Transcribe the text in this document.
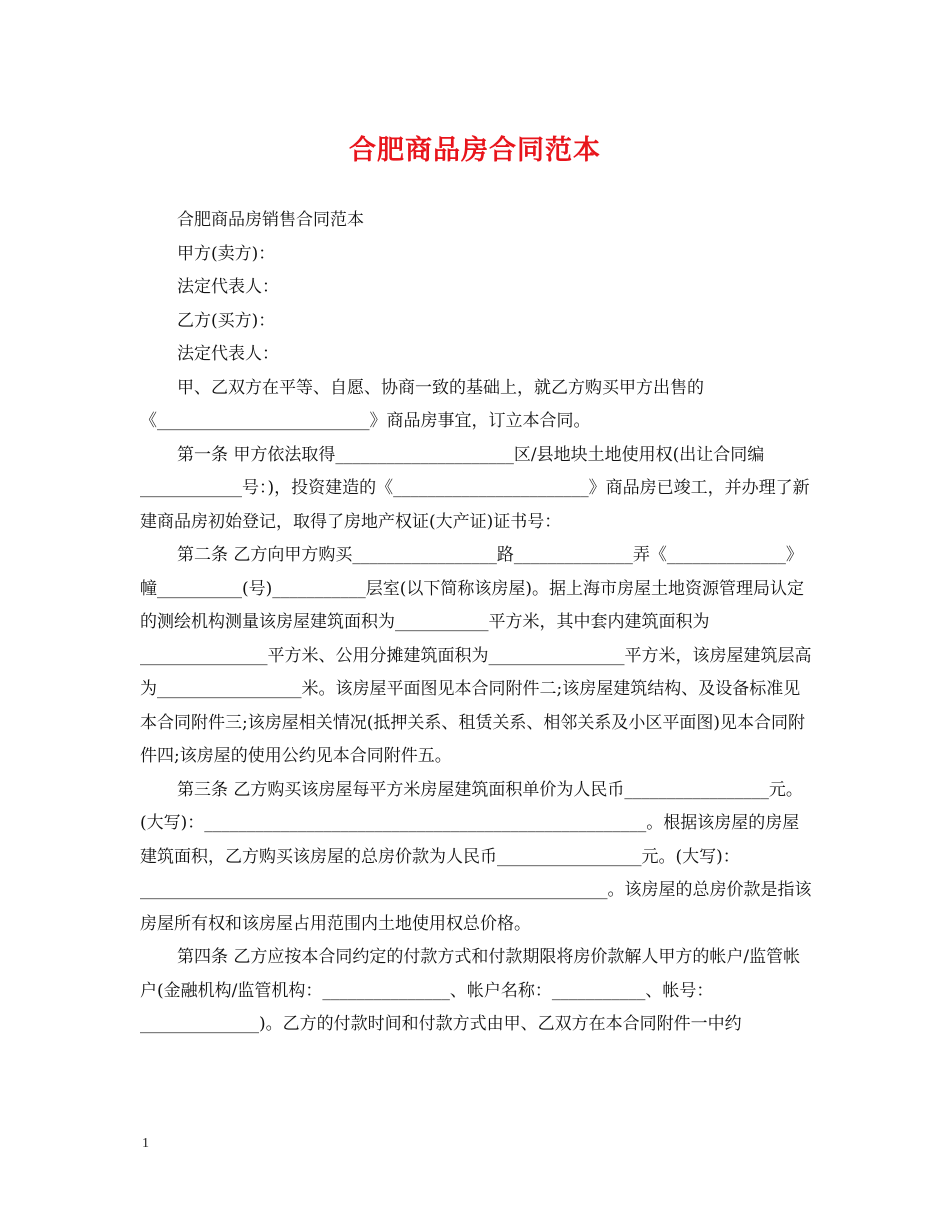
合肥商品房合同范本

合肥商品房销售合同范本

甲方(卖方)：

法定代表人：

乙方(买方)：

法定代表人：

甲、乙双方在平等、自愿、协商一致的基础上，就乙方购买甲方出售的《_________________________》商品房事宜，订立本合同。

第一条 甲方依法取得_____________________区/县地块土地使用权(出让合同编____________号：)，投资建造的《_______________________》商品房已竣工，并办理了新建商品房初始登记，取得了房地产权证(大产证)证书号：

第二条 乙方向甲方购买_________________路______________弄《______________》幢__________(号)___________层室(以下简称该房屋)。据上海市房屋土地资源管理局认定的测绘机构测量该房屋建筑面积为___________平方米，其中套内建筑面积为_______________平方米、公用分摊建筑面积为________________平方米，该房屋建筑层高为_________________米。该房屋平面图见本合同附件二;该房屋建筑结构、及设备标准见本合同附件三;该房屋相关情况(抵押关系、租赁关系、相邻关系及小区平面图)见本合同附件四;该房屋的使用公约见本合同附件五。

第三条 乙方购买该房屋每平方米房屋建筑面积单价为人民币_________________元。(大写)：____________________________________________________。根据该房屋的房屋建筑面积，乙方购买该房屋的总房价款为人民币_________________元。(大写)：_______________________________________________________。该房屋的总房价款是指该房屋所有权和该房屋占用范围内土地使用权总价格。

第四条 乙方应按本合同约定的付款方式和付款期限将房价款解人甲方的帐户/监管帐户(金融机构/监管机构：_______________、帐户名称：___________、帐号：______________)。乙方的付款时间和付款方式由甲、乙双方在本合同附件一中约

1
